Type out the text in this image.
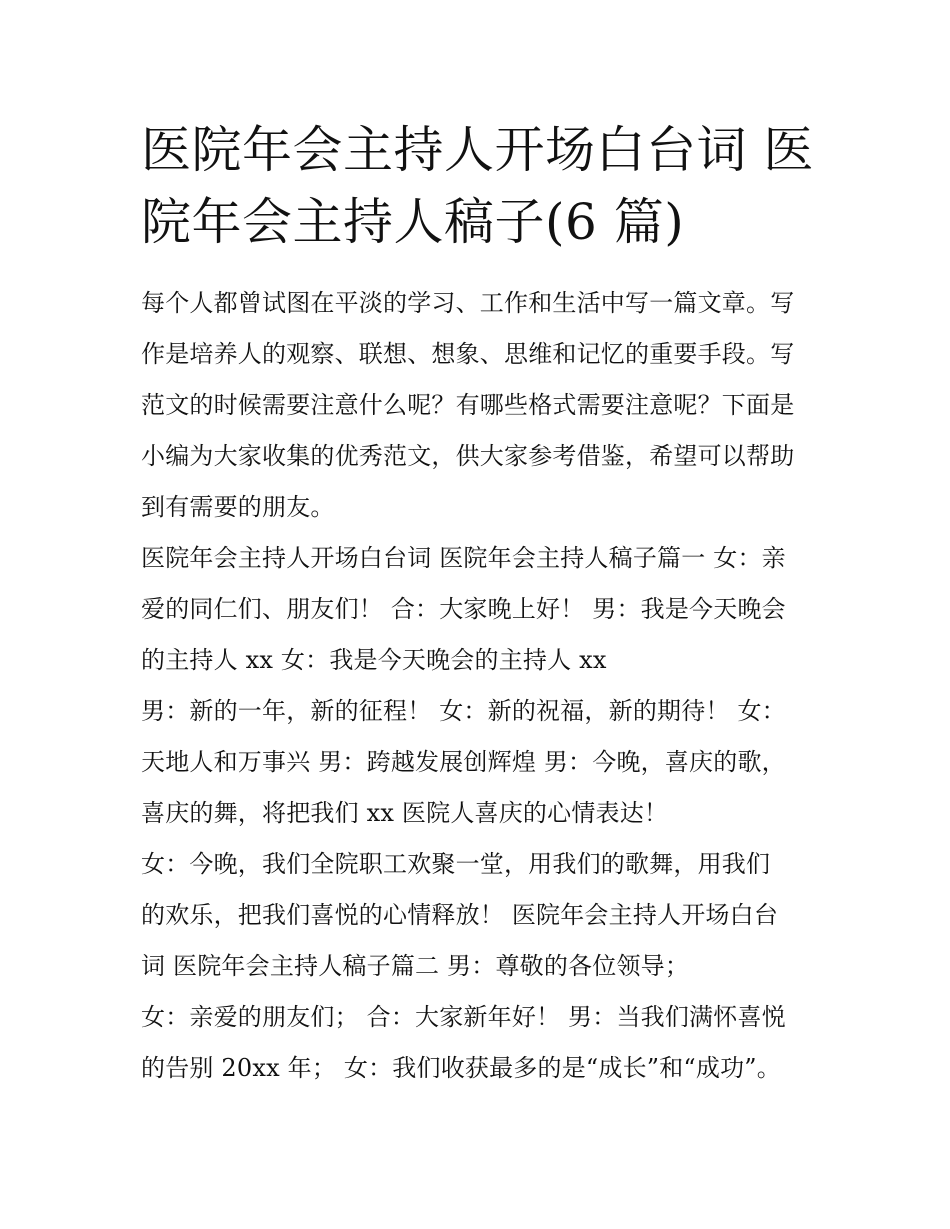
医院年会主持人开场白台词 医
院年会主持人稿子(6 篇)
每个人都曾试图在平淡的学习、工作和生活中写一篇文章。写
作是培养人的观察、联想、想象、思维和记忆的重要手段。写
范文的时候需要注意什么呢？有哪些格式需要注意呢？下面是
小编为大家收集的优秀范文，供大家参考借鉴，希望可以帮助
到有需要的朋友。
医院年会主持人开场白台词 医院年会主持人稿子篇一 女：亲
爱的同仁们、朋友们！ 合：大家晚上好！ 男：我是今天晚会
的主持人 xx 女：我是今天晚会的主持人 xx
男：新的一年，新的征程！ 女：新的祝福，新的期待！ 女：
天地人和万事兴 男：跨越发展创辉煌 男：今晚，喜庆的歌，
喜庆的舞，将把我们 xx 医院人喜庆的心情表达！
女：今晚，我们全院职工欢聚一堂，用我们的歌舞，用我们
的欢乐，把我们喜悦的心情释放！ 医院年会主持人开场白台
词 医院年会主持人稿子篇二 男：尊敬的各位领导；
女：亲爱的朋友们； 合：大家新年好！ 男：当我们满怀喜悦
的告别 20xx 年； 女：我们收获最多的是“成长”和“成功”。
